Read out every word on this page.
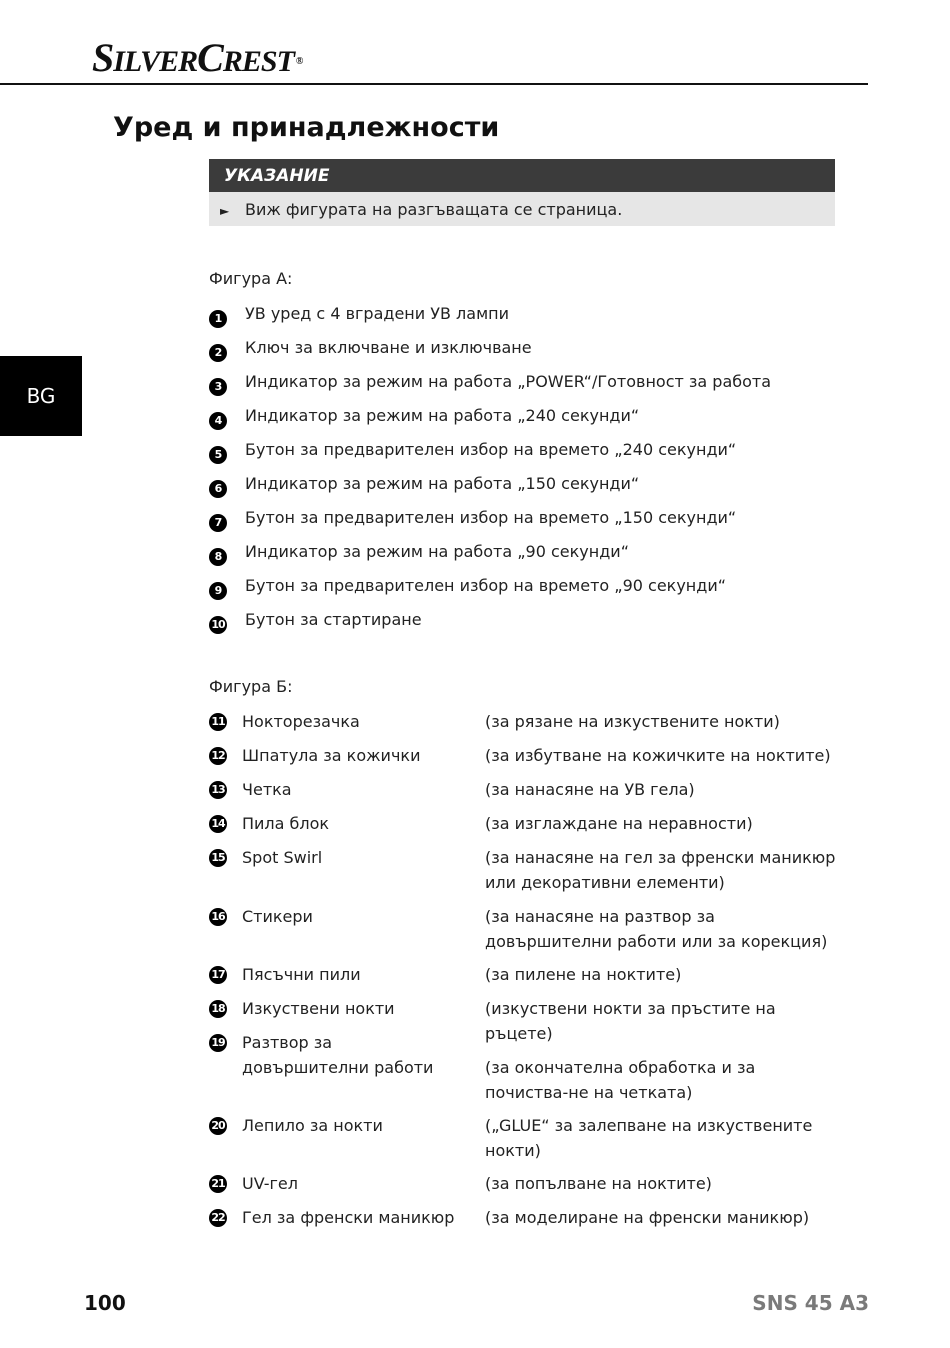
SILVERCREST ®
BG
Уред и принадлежности
УКАЗАНИЕ
► Виж фигурата на разгъващата се страница.
Фигура А:
1 УВ уред с 4 вградени УВ лампи
2 Ключ за включване и изключване
3 Индикатор за режим на работа „POWER“/Готовност за работа
4 Индикатор за режим на работа „240 секунди“
5 Бутон за предварителен избор на времето „240 секунди“
6 Индикатор за режим на работа „150 секунди“
7 Бутон за предварителен избор на времето „150 секунди“
8 Индикатор за режим на работа „90 секунди“
9 Бутон за предварителен избор на времето „90 секунди“
10 Бутон за стартиране
Фигура Б:
11 Нокторезачка	(за рязане на изкуствените нокти)
12 Шпатула за кожички	(за избутване на кожичките на ноктите)
13 Четка	(за нанасяне на УВ гела)
14 Пила блок	(за изглаждане на неравности)
15 Spot Swirl	(за нанасяне на гел за френски маникюр или декоративни елементи)
16 Стикери	(за нанасяне на разтвор за довършителни работи или за корекция)
17 Пясъчни пили	(за пилене на ноктите)
18 Изкуствени нокти	(изкуствени нокти за пръстите на ръцете)
19 Разтвор за довършителни работи	(за окончателна обработка и за почиства-не на четката)
20 Лепило за нокти	(„GLUE“ за залепване на изкуствените нокти)
21 UV-гел	(за попълване на ноктите)
22 Гел за френски маникюр	(за моделиране на френски маникюр)
100	SNS 45 A3
